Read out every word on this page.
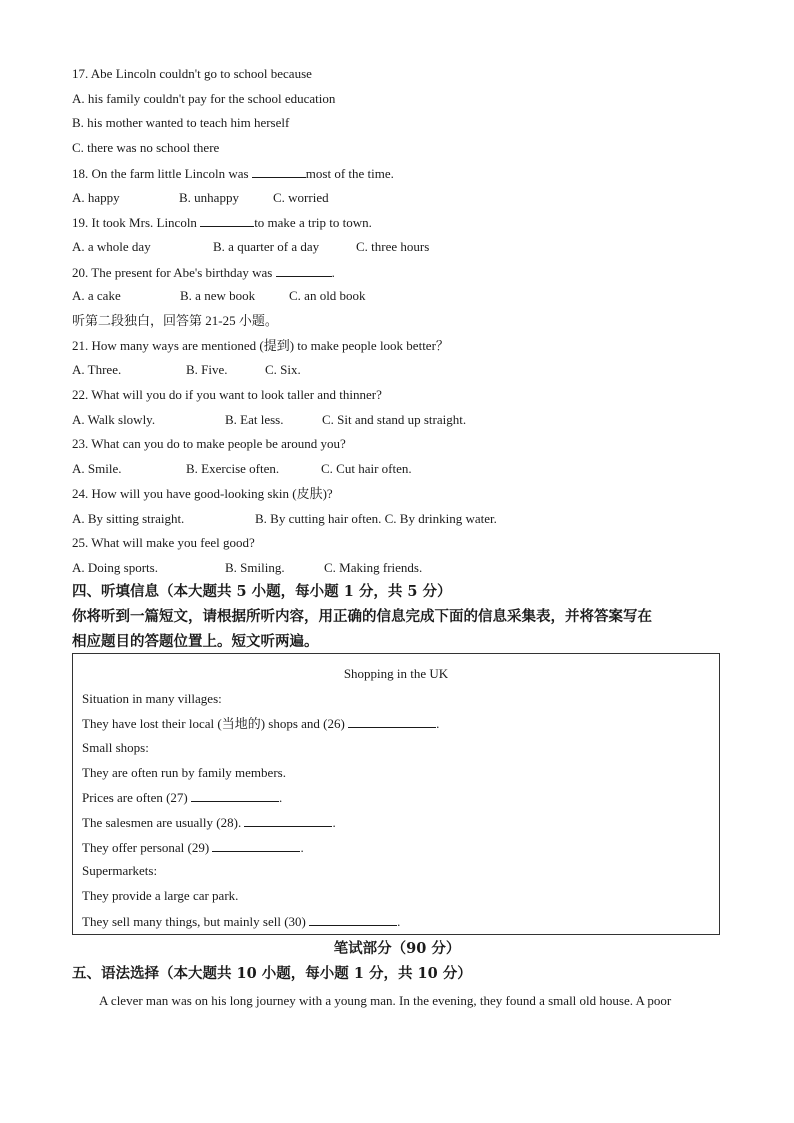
17. Abe Lincoln couldn't go to school because
A. his family couldn't pay for the school education
B. his mother wanted to teach him herself
C. there was no school there
18. On the farm little Lincoln was	most of the time.
A. happy	B. unhappy	C. worried
19. It took Mrs. Lincoln	to make a trip to town.
A. a whole day	B. a quarter of a day	C. three hours
20. The present for Abe's birthday was	.
A. a cake	B. a new book	C. an old book
听第二段独白，回答第 21-25 小题。
21. How many ways are mentioned (提到) to make people look better？
A. Three.	B. Five.	C. Six.
22. What will you do if you want to look taller and thinner?
A. Walk slowly.	B. Eat less.	C. Sit and stand up straight.
23. What can you do to make people be around you?
A. Smile.	B. Exercise often.	C. Cut hair often.
24. How will you have good-looking skin (皮肤)?
A. By sitting straight.	B. By cutting hair often. C. By drinking water.
25. What will make you feel good?
A. Doing sports.	B. Smiling.	C. Making friends.
四、听填信息（本大题共 5 小题，每小题 1 分，共 5 分）
你将听到一篇短文，请根据所听内容，用正确的信息完成下面的信息采集表，并将答案写在
相应题目的答题位置上。短文听两遍。
Shopping in the UK
Situation in many villages:
They have lost their local (当地的) shops and (26)	.
Small shops:
They are often run by family members.
Prices are often (27)	.
The salesmen are usually (28).	.
They offer personal (29)	.
Supermarkets:
They provide a large car park.
They sell many things, but mainly sell (30)	.
笔试部分（90 分）
五、语法选择（本大题共 10 小题，每小题 1 分，共 10 分）
A clever man was on his long journey with a young man. In the evening, they found a small old house. A poor
